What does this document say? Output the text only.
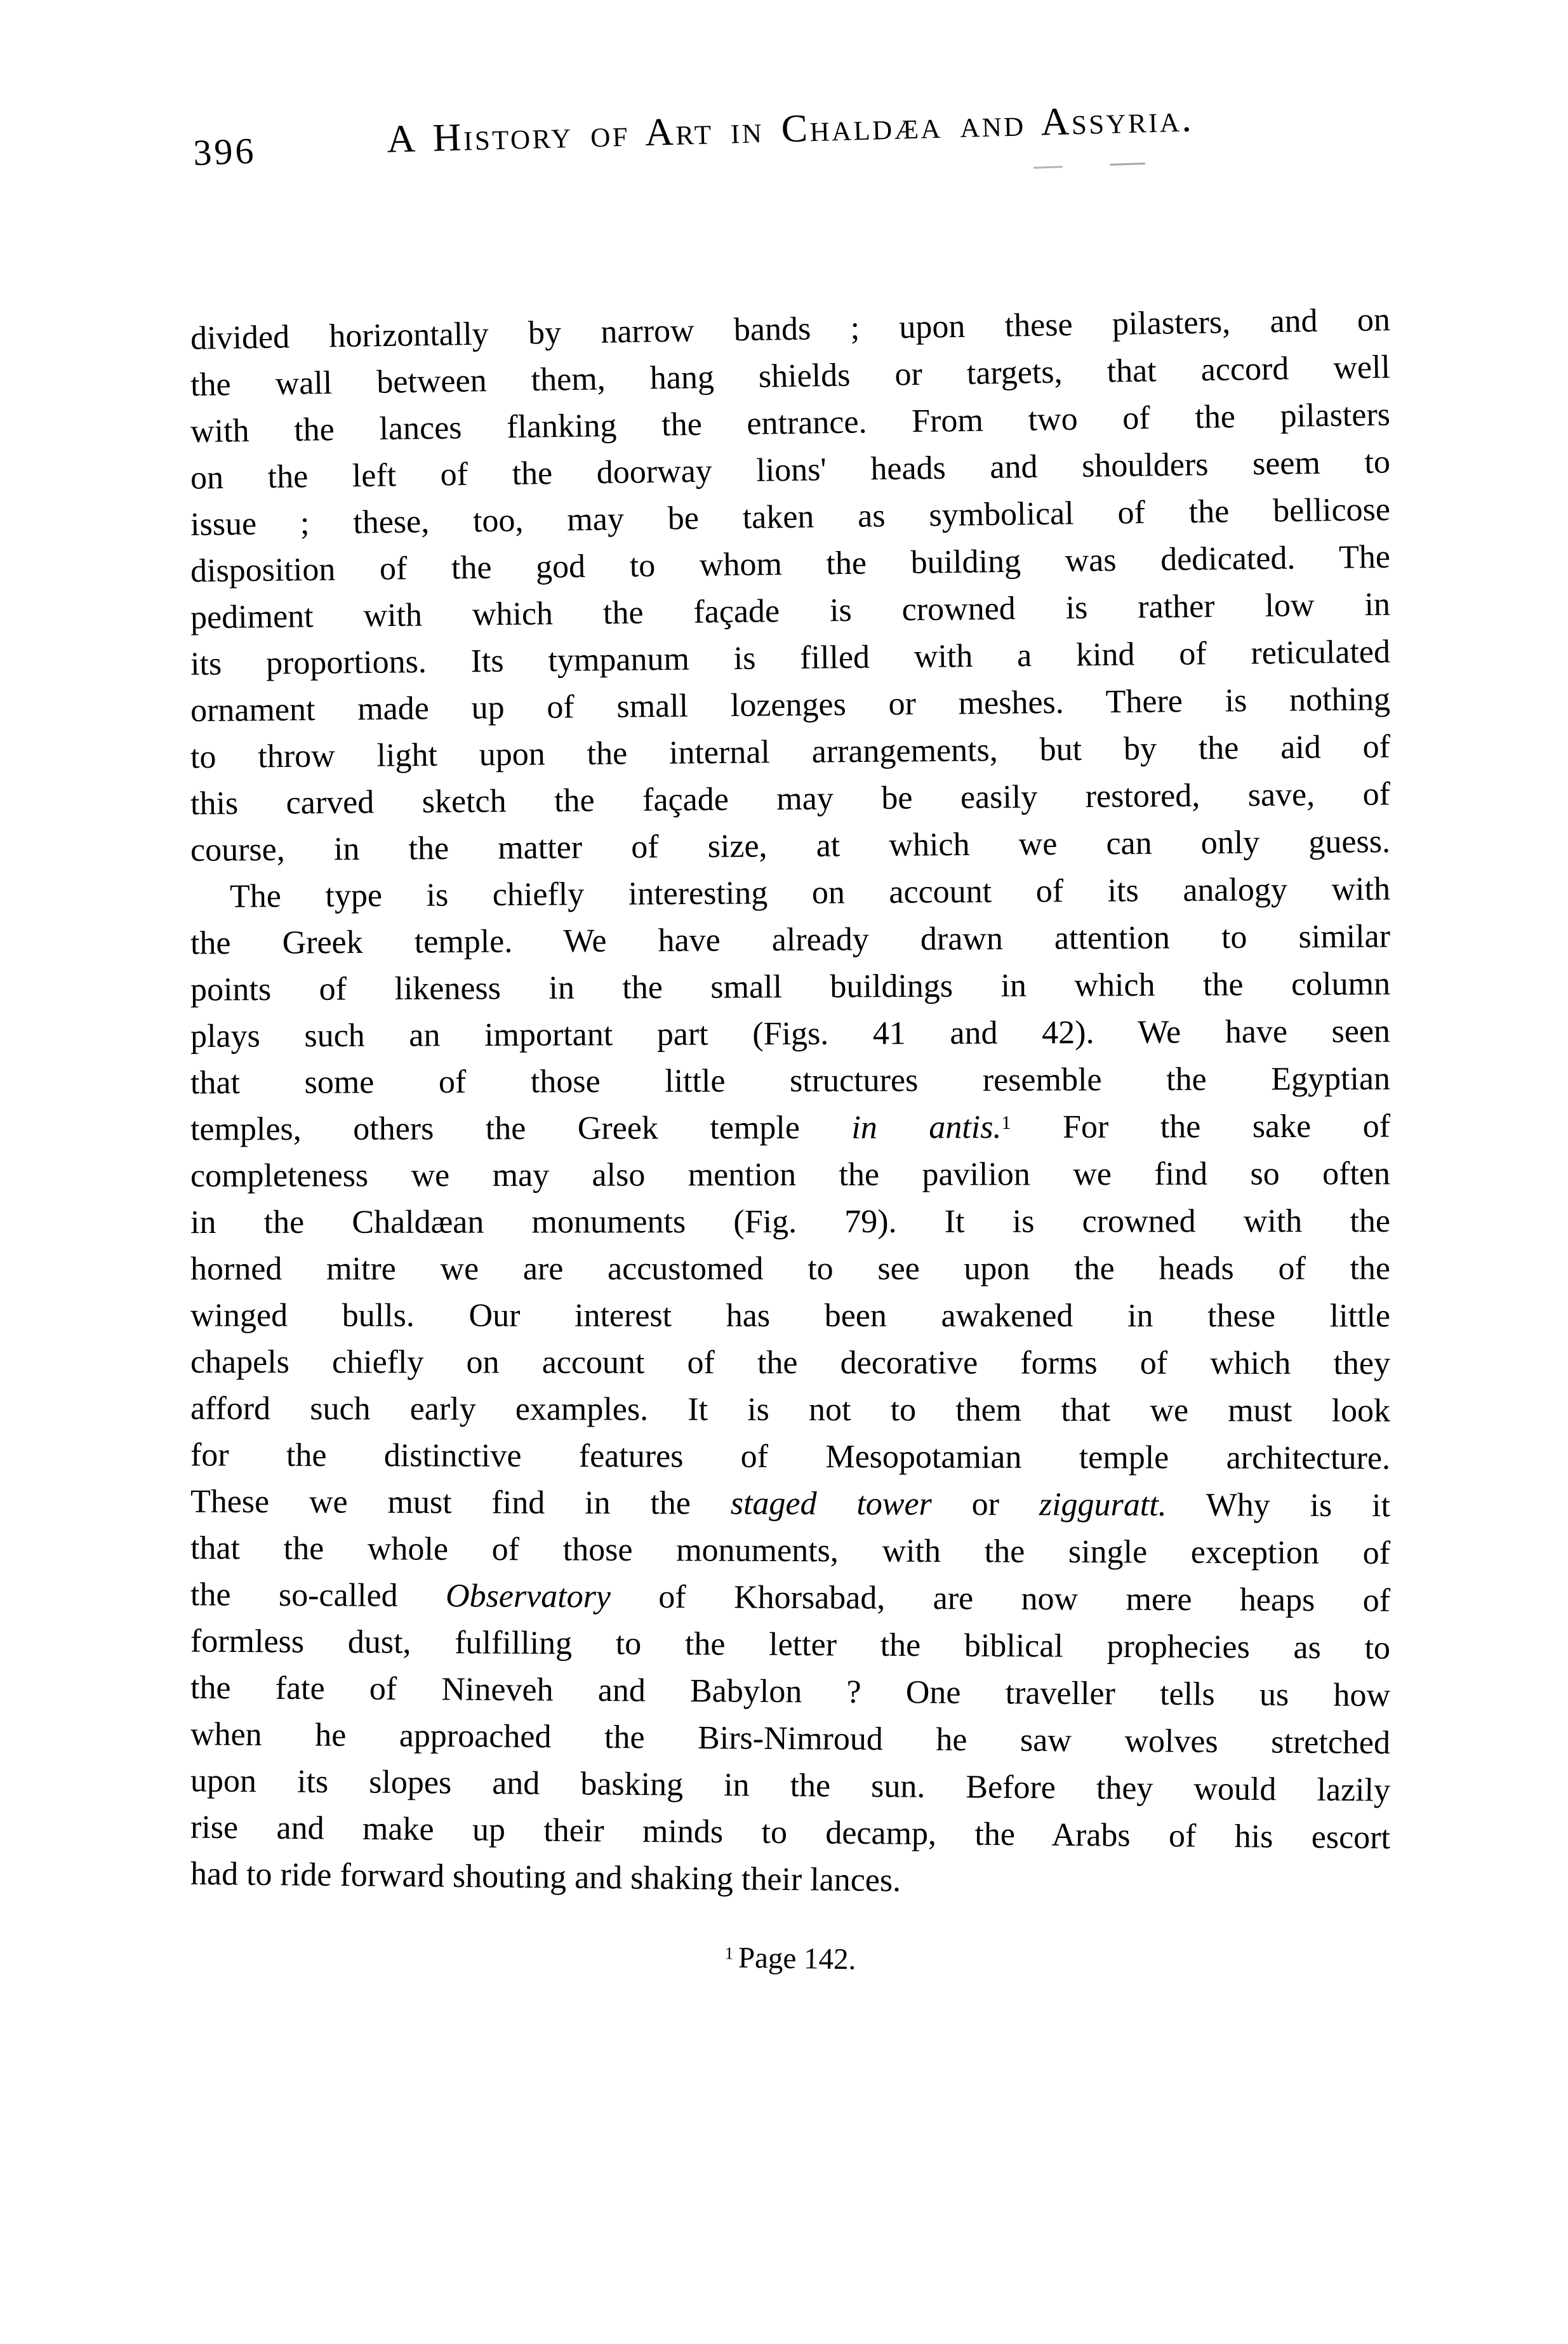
396	A History of Art in Chaldæa and Assyria.
divided horizontally by narrow bands ; upon these pilasters, and on
the wall between them, hang shields or targets, that accord well
with the lances flanking the entrance. From two of the pilasters
on the left of the doorway lions' heads and shoulders seem to
issue ; these, too, may be taken as symbolical of the bellicose
disposition of the god to whom the building was dedicated. The
pediment with which the façade is crowned is rather low in
its proportions. Its tympanum is filled with a kind of reticulated
ornament made up of small lozenges or meshes. There is nothing
to throw light upon the internal arrangements, but by the aid of
this carved sketch the façade may be easily restored, save, of
course, in the matter of size, at which we can only guess.
The type is chiefly interesting on account of its analogy with
the Greek temple. We have already drawn attention to similar
points of likeness in the small buildings in which the column
plays such an important part (Figs. 41 and 42). We have seen
that some of those little structures resemble the Egyptian
temples, others the Greek temple in antis.$^1$ For the sake of
completeness we may also mention the pavilion we find so often
in the Chaldæan monuments (Fig. 79). It is crowned with the
horned mitre we are accustomed to see upon the heads of the
winged bulls. Our interest has been awakened in these little
chapels chiefly on account of the decorative forms of which they
afford such early examples. It is not to them that we must look
for the distinctive features of Mesopotamian temple architecture.
These we must find in the staged tower or zigguratt. Why is it
that the whole of those monuments, with the single exception of
the so-called Observatory of Khorsabad, are now mere heaps of
formless dust, fulfilling to the letter the biblical prophecies as to
the fate of Nineveh and Babylon ? One traveller tells us how
when he approached the Birs-Nimroud he saw wolves stretched
upon its slopes and basking in the sun. Before they would lazily
rise and make up their minds to decamp, the Arabs of his escort
had to ride forward shouting and shaking their lances.
$^1$ Page 142.
